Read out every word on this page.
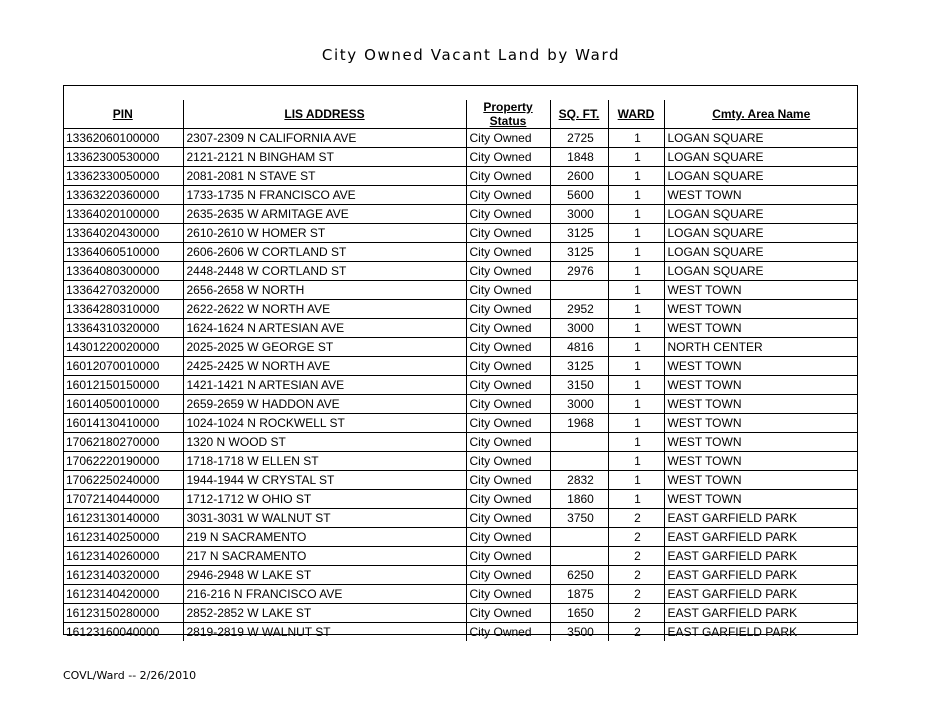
City Owned Vacant Land by Ward
PIN	LIS ADDRESS	Property Status	SQ. FT.	WARD	Cmty. Area Name
13362060100000	2307-2309 N CALIFORNIA AVE	City Owned	2725	1	LOGAN SQUARE
13362300530000	2121-2121 N BINGHAM ST	City Owned	1848	1	LOGAN SQUARE
13362330050000	2081-2081 N STAVE ST	City Owned	2600	1	LOGAN SQUARE
13363220360000	1733-1735 N FRANCISCO AVE	City Owned	5600	1	WEST TOWN
13364020100000	2635-2635 W ARMITAGE AVE	City Owned	3000	1	LOGAN SQUARE
13364020430000	2610-2610 W HOMER ST	City Owned	3125	1	LOGAN SQUARE
13364060510000	2606-2606 W CORTLAND ST	City Owned	3125	1	LOGAN SQUARE
13364080300000	2448-2448 W CORTLAND ST	City Owned	2976	1	LOGAN SQUARE
13364270320000	2656-2658 W NORTH	City Owned		1	WEST TOWN
13364280310000	2622-2622 W NORTH AVE	City Owned	2952	1	WEST TOWN
13364310320000	1624-1624 N ARTESIAN AVE	City Owned	3000	1	WEST TOWN
14301220020000	2025-2025 W GEORGE ST	City Owned	4816	1	NORTH CENTER
16012070010000	2425-2425 W NORTH AVE	City Owned	3125	1	WEST TOWN
16012150150000	1421-1421 N ARTESIAN AVE	City Owned	3150	1	WEST TOWN
16014050010000	2659-2659 W HADDON AVE	City Owned	3000	1	WEST TOWN
16014130410000	1024-1024 N ROCKWELL ST	City Owned	1968	1	WEST TOWN
17062180270000	1320 N WOOD ST	City Owned		1	WEST TOWN
17062220190000	1718-1718 W ELLEN ST	City Owned		1	WEST TOWN
17062250240000	1944-1944 W CRYSTAL ST	City Owned	2832	1	WEST TOWN
17072140440000	1712-1712 W OHIO ST	City Owned	1860	1	WEST TOWN
16123130140000	3031-3031 W WALNUT ST	City Owned	3750	2	EAST GARFIELD PARK
16123140250000	219 N SACRAMENTO	City Owned		2	EAST GARFIELD PARK
16123140260000	217 N SACRAMENTO	City Owned		2	EAST GARFIELD PARK
16123140320000	2946-2948 W LAKE ST	City Owned	6250	2	EAST GARFIELD PARK
16123140420000	216-216 N FRANCISCO AVE	City Owned	1875	2	EAST GARFIELD PARK
16123150280000	2852-2852 W LAKE ST	City Owned	1650	2	EAST GARFIELD PARK
16123160040000	2819-2819 W WALNUT ST	City Owned	3500	2	EAST GARFIELD PARK
COVL/Ward -- 2/26/2010
